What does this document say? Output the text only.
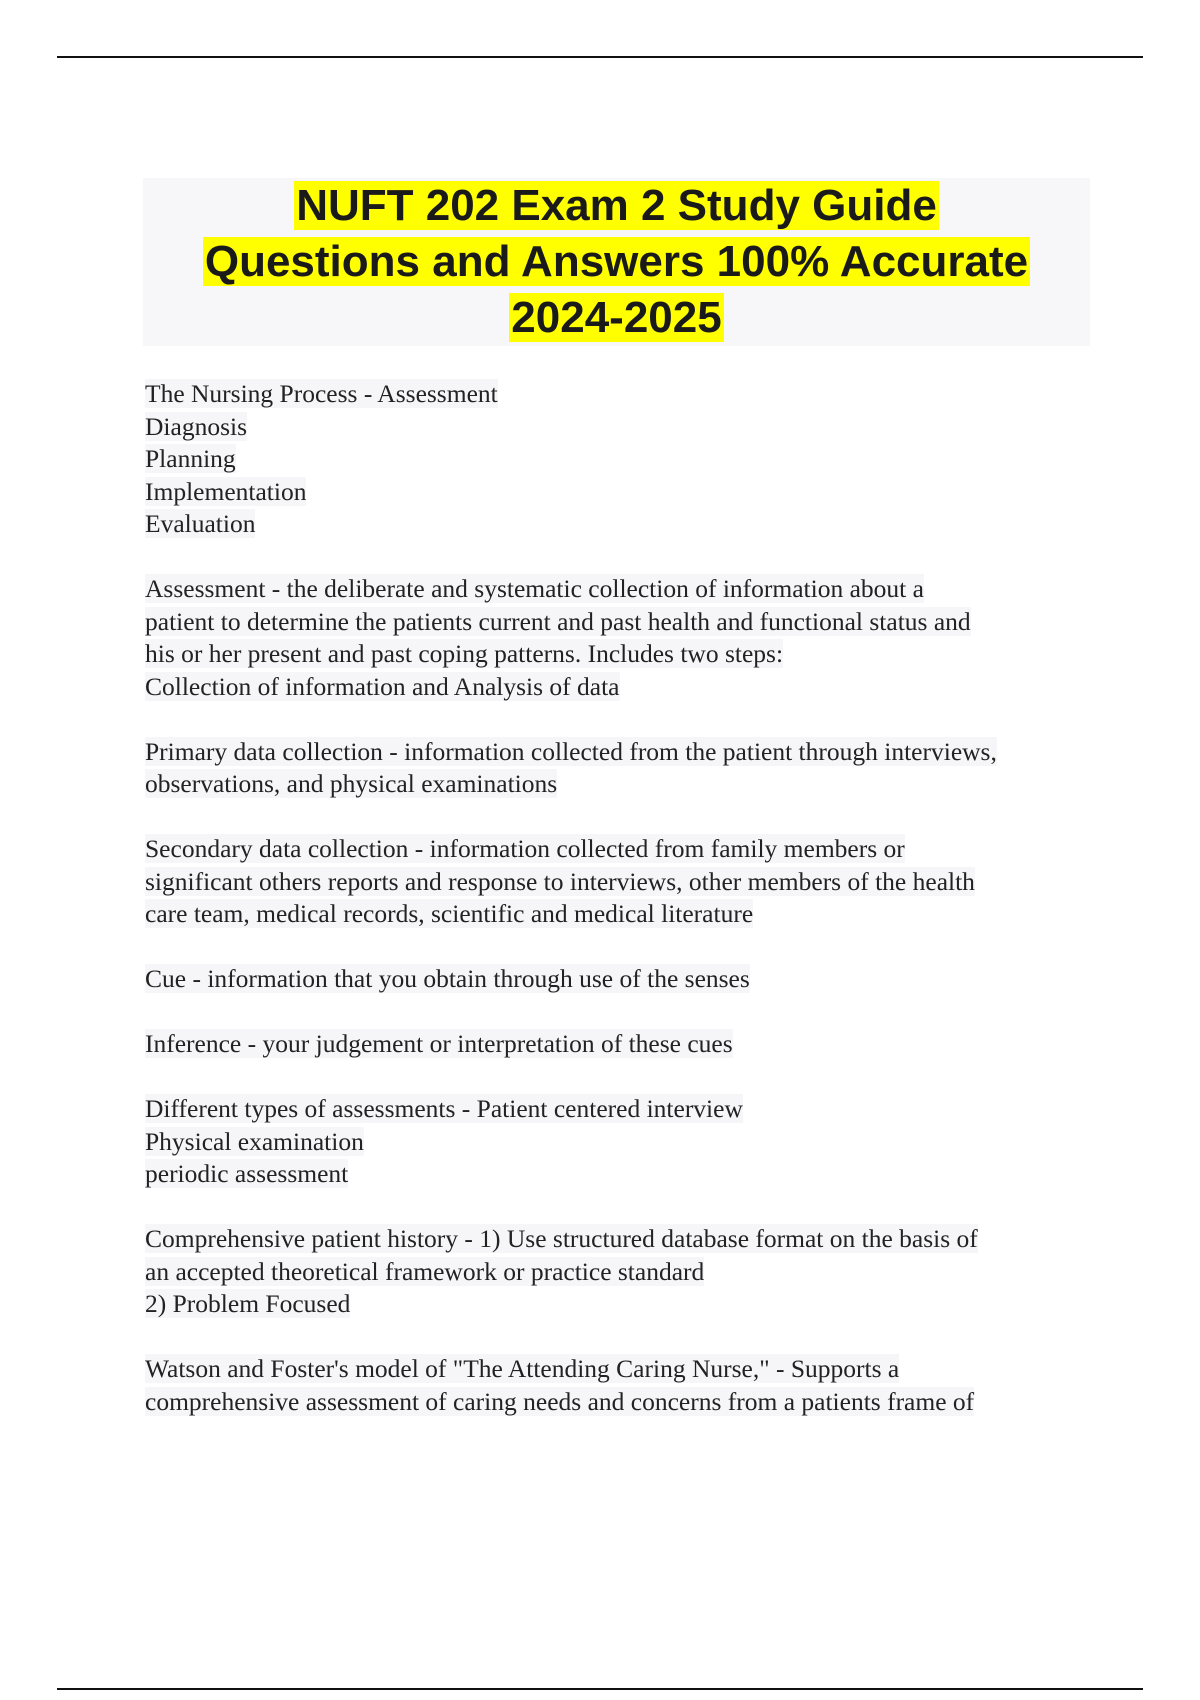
NUFT 202 Exam 2 Study Guide
Questions and Answers 100% Accurate
2024-2025
The Nursing Process - Assessment
Diagnosis
Planning
Implementation
Evaluation
Assessment - the deliberate and systematic collection of information about a
patient to determine the patients current and past health and functional status and
his or her present and past coping patterns. Includes two steps:
Collection of information and Analysis of data
Primary data collection - information collected from the patient through interviews,
observations, and physical examinations
Secondary data collection - information collected from family members or
significant others reports and response to interviews, other members of the health
care team, medical records, scientific and medical literature
Cue - information that you obtain through use of the senses
Inference - your judgement or interpretation of these cues
Different types of assessments - Patient centered interview
Physical examination
periodic assessment
Comprehensive patient history - 1) Use structured database format on the basis of
an accepted theoretical framework or practice standard
2) Problem Focused
Watson and Foster's model of "The Attending Caring Nurse," - Supports a
comprehensive assessment of caring needs and concerns from a patients frame of
